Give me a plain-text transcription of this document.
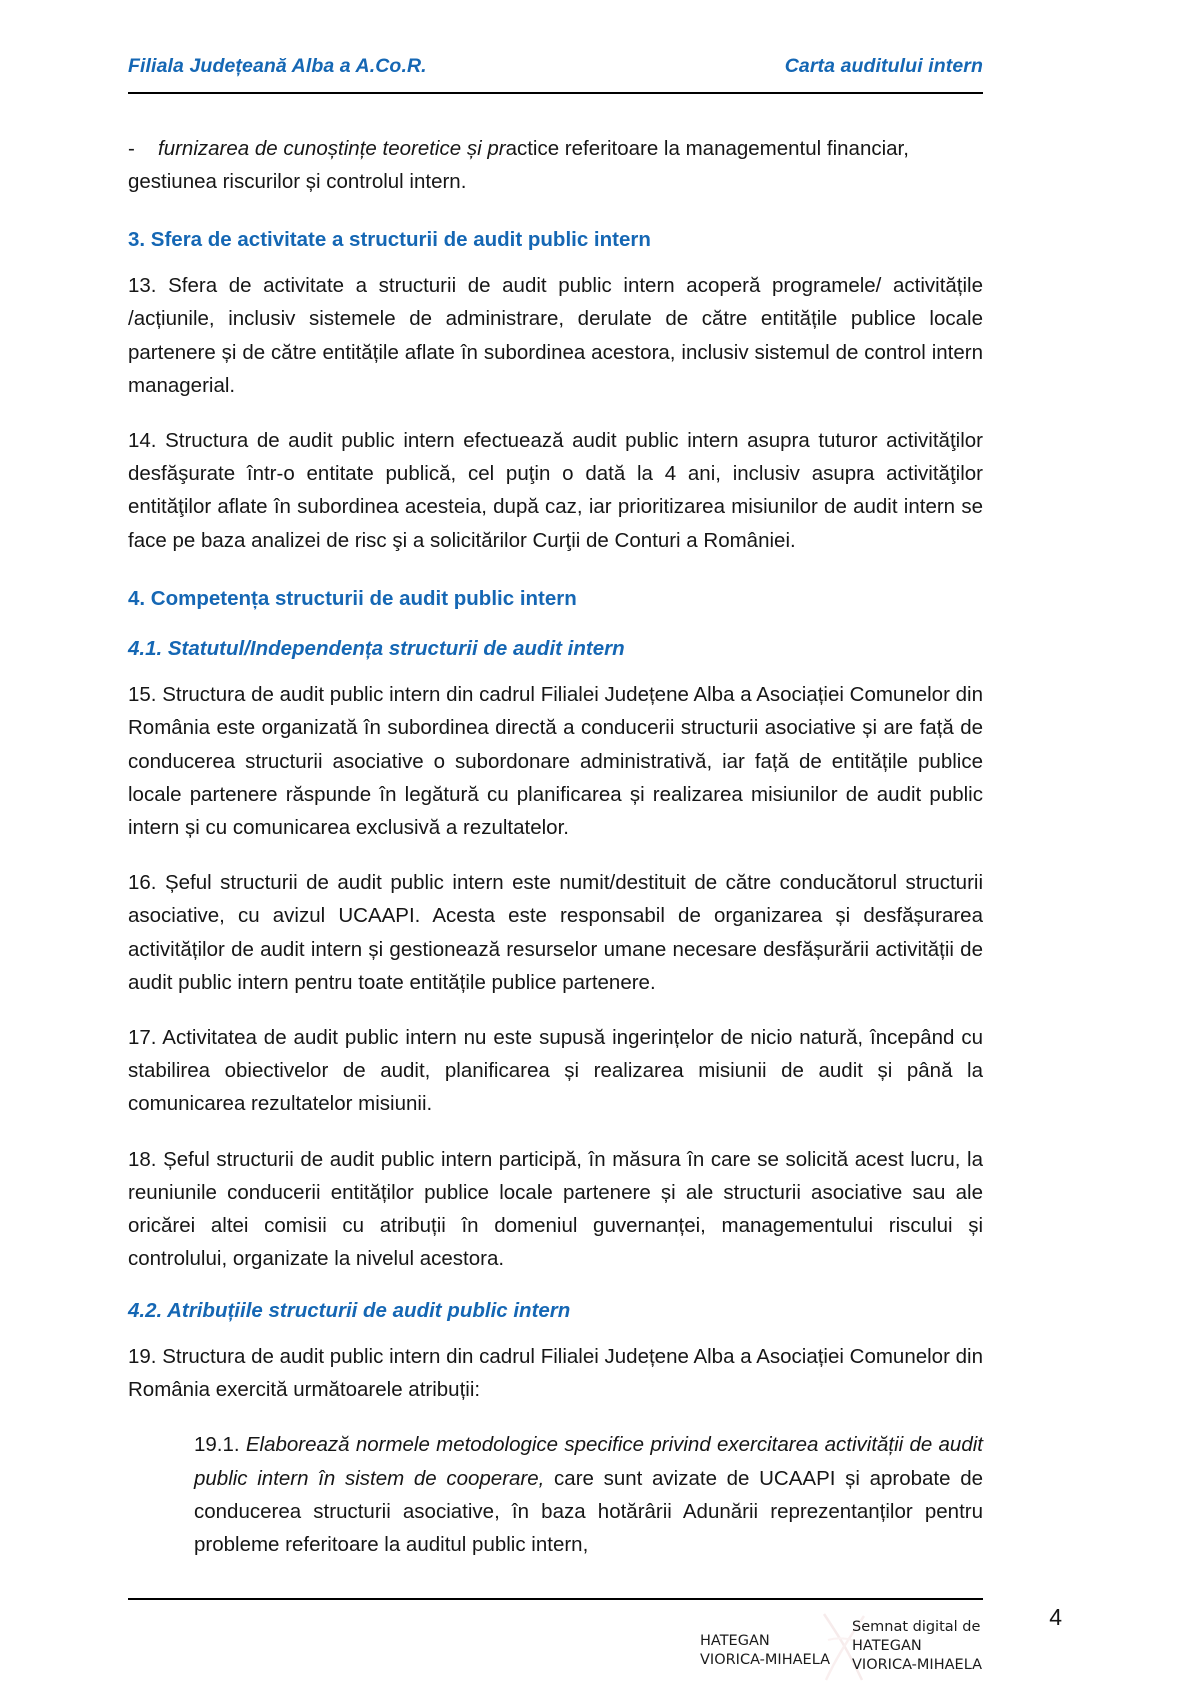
Filiala Județeană Alba a A.Co.R.	Carta auditului intern
- furnizarea de cunoștințe teoretice și practice referitoare la managementul financiar, gestiunea riscurilor și controlul intern.
3. Sfera de activitate a structurii de audit public intern

13. Sfera de activitate a structurii de audit public intern acoperă programele/ activitățile /acțiunile, inclusiv sistemele de administrare, derulate de către entitățile publice locale partenere și de către entitățile aflate în subordinea acestora, inclusiv sistemul de control intern managerial.

14. Structura de audit public intern efectuează audit public intern asupra tuturor activităţilor desfăşurate într-o entitate publică, cel puţin o dată la 4 ani, inclusiv asupra activităţilor entităţilor aflate în subordinea acesteia, după caz, iar prioritizarea misiunilor de audit intern se face pe baza analizei de risc şi a solicitărilor Curţii de Conturi a României.

4. Competența structurii de audit public intern
4.1. Statutul/Independența structurii de audit intern

15. Structura de audit public intern din cadrul Filialei Județene Alba a Asociației Comunelor din România este organizată în subordinea directă a conducerii structurii asociative și are față de conducerea structurii asociative o subordonare administrativă, iar față de entitățile publice locale partenere răspunde în legătură cu planificarea și realizarea misiunilor de audit public intern și cu comunicarea exclusivă a rezultatelor.

16. Șeful structurii de audit public intern este numit/destituit de către conducătorul structurii asociative, cu avizul UCAAPI. Acesta este responsabil de organizarea și desfășurarea activităților de audit intern și gestionează resurselor umane necesare desfășurării activității de audit public intern pentru toate entitățile publice partenere.

17. Activitatea de audit public intern nu este supusă ingerințelor de nicio natură, începând cu stabilirea obiectivelor de audit, planificarea și realizarea misiunii de audit și până la comunicarea rezultatelor misiunii.

18. Șeful structurii de audit public intern participă, în măsura în care se solicită acest lucru, la reuniunile conducerii entităților publice locale partenere și ale structurii asociative sau ale oricărei altei comisii cu atribuții în domeniul guvernanței, managementului riscului și controlului, organizate la nivelul acestora.

4.2. Atribuțiile structurii de audit public intern

19. Structura de audit public intern din cadrul Filialei Județene Alba a Asociației Comunelor din România exercită următoarele atribuții:

19.1. Elaborează normele metodologice specifice privind exercitarea activității de audit public intern în sistem de cooperare, care sunt avizate de UCAAPI și aprobate de conducerea structurii asociative, în baza hotărârii Adunării reprezentanților pentru probleme referitoare la auditul public intern,

4
HATEGAN
VIORICA-MIHAELA
Semnat digital de
HATEGAN
VIORICA-MIHAELA
